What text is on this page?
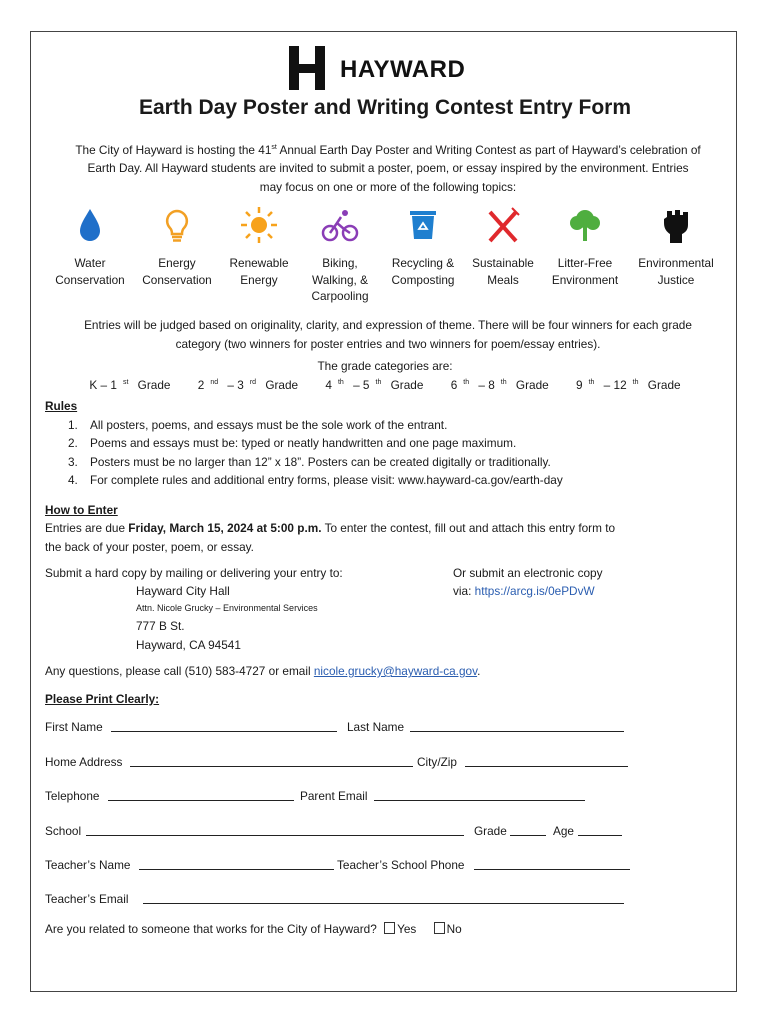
HAYWARD
Earth Day Poster and Writing Contest Entry Form
The City of Hayward is hosting the 41st Annual Earth Day Poster and Writing Contest as part of Hayward’s celebration of
Earth Day. All Hayward students are invited to submit a poster, poem, or essay inspired by the environment. Entries
may focus on one or more of the following topics:
Water
Conservation
Energy
Conservation
Renewable
Energy
Biking,
Walking, &
Carpooling
Recycling &
Composting
Sustainable
Meals
Litter-Free
Environment
Environmental
Justice
Entries will be judged based on originality, clarity, and expression of theme. There will be four winners for each grade
category (two winners for poster entries and two winners for poem/essay entries).
The grade categories are:
K – 1 $^{st}$ Grade 2 $^{nd}$ – 3 $^{rd}$ Grade 4 $^{th}$ – 5 $^{th}$ Grade 6 $^{th}$ – 8 $^{th}$ Grade 9 $^{th}$ – 12 $^{th}$ Grade
Rules
1. All posters, poems, and essays must be the sole work of the entrant.
2. Poems and essays must be: typed or neatly handwritten and one page maximum.
3. Posters must be no larger than 12” x 18”. Posters can be created digitally or traditionally.
4. For complete rules and additional entry forms, please visit: www.hayward-ca.gov/earth-day
How to Enter
Entries are due Friday, March 15, 2024 at 5:00 p.m. To enter the contest, fill out and attach this entry form to
the back of your poster, poem, or essay.
Submit a hard copy by mailing or delivering your entry to:
Hayward City Hall
Attn. Nicole Grucky – Environmental Services
777 B St.
Hayward, CA 94541
Or submit an electronic copy
via: https://arcg.is/0ePDvW
Any questions, please call (510) 583-4727 or email nicole.grucky@hayward-ca.gov.
Please Print Clearly:
First Name	Last Name
Home Address	City/Zip
Telephone	Parent Email
School	Grade	Age
Teacher’s Name	Teacher’s School Phone
Teacher’s Email
Are you related to someone that works for the City of Hayward? Yes	No
